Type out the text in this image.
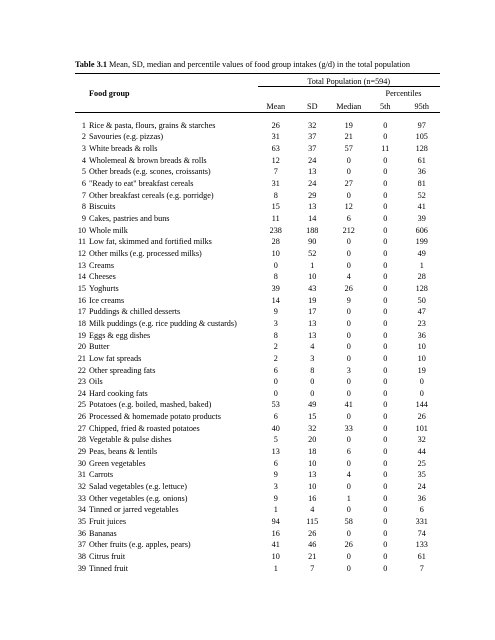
Table 3.1 Mean, SD, median and percentile values of food group intakes (g/d) in the total population
	Total Population (n=594)				
Food group				Percentiles	
	Mean	SD	Median	5th	95th

1 Rice & pasta, flours, grains & starches	26	32	19	0	97
2 Savouries (e.g. pizzas)	31	37	21	0	105
3 White breads & rolls	63	37	57	11	128
4 Wholemeal & brown breads & rolls	12	24	0	0	61
5 Other breads (e.g. scones, croissants)	7	13	0	0	36
6 "Ready to eat" breakfast cereals	31	24	27	0	81
7 Other breakfast cereals (e.g. porridge)	8	29	0	0	52
8 Biscuits	15	13	12	0	41
9 Cakes, pastries and buns	11	14	6	0	39
10 Whole milk	238	188	212	0	606
11 Low fat, skimmed and fortified milks	28	90	0	0	199
12 Other milks (e.g. processed milks)	10	52	0	0	49
13 Creams	0	1	0	0	1
14 Cheeses	8	10	4	0	28
15 Yoghurts	39	43	26	0	128
16 Ice creams	14	19	9	0	50
17 Puddings & chilled desserts	9	17	0	0	47
18 Milk puddings (e.g. rice pudding & custards)	3	13	0	0	23
19 Eggs & egg dishes	8	13	0	0	36
20 Butter	2	4	0	0	10
21 Low fat spreads	2	3	0	0	10
22 Other spreading fats	6	8	3	0	19
23 Oils	0	0	0	0	0
24 Hard cooking fats	0	0	0	0	0
25 Potatoes (e.g. boiled, mashed, baked)	53	49	41	0	144
26 Processed & homemade potato products	6	15	0	0	26
27 Chipped, fried & roasted potatoes	40	32	33	0	101
28 Vegetable & pulse dishes	5	20	0	0	32
29 Peas, beans & lentils	13	18	6	0	44
30 Green vegetables	6	10	0	0	25
31 Carrots	9	13	4	0	35
32 Salad vegetables (e.g. lettuce)	3	10	0	0	24
33 Other vegetables (e.g. onions)	9	16	1	0	36
34 Tinned or jarred vegetables	1	4	0	0	6
35 Fruit juices	94	115	58	0	331
36 Bananas	16	26	0	0	74
37 Other fruits (e.g. apples, pears)	41	46	26	0	133
38 Citrus fruit	10	21	0	0	61
39 Tinned fruit	1	7	0	0	7
